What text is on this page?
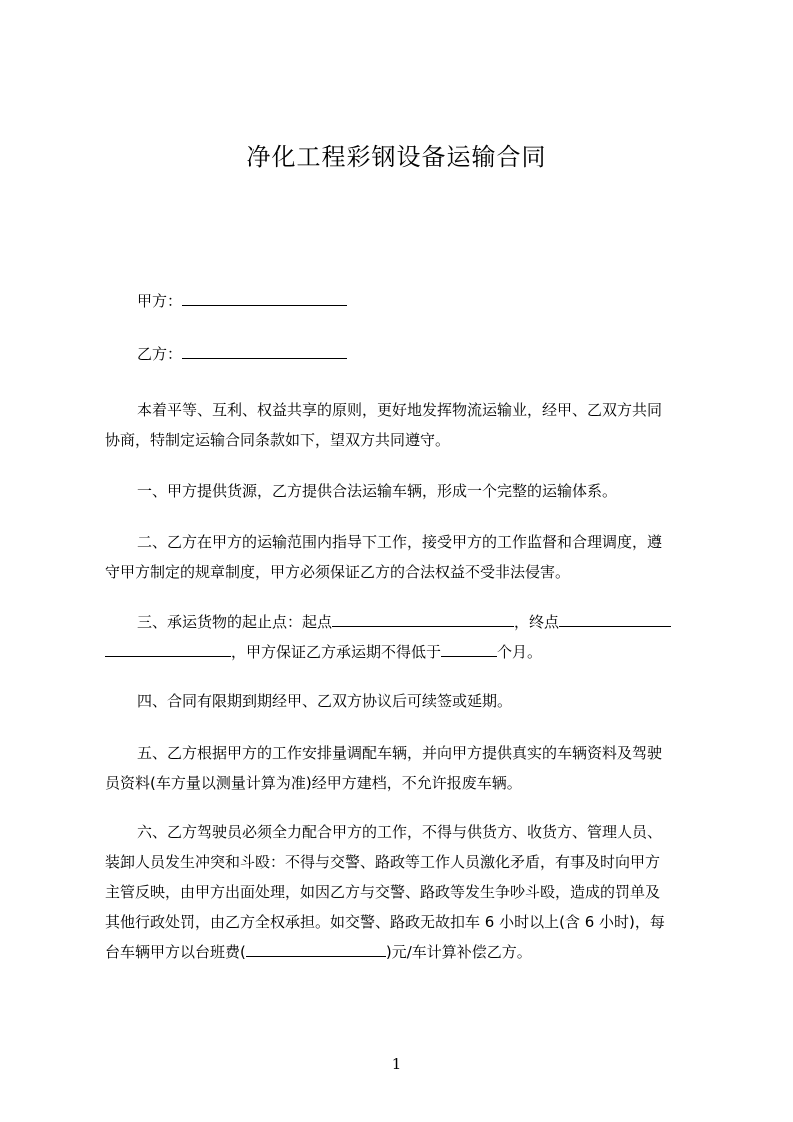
净化工程彩钢设备运输合同
甲方：
乙方：
本着平等、互利、权益共享的原则，更好地发挥物流运输业，经甲、乙双方共同
协商，特制定运输合同条款如下，望双方共同遵守。
一、甲方提供货源，乙方提供合法运输车辆，形成一个完整的运输体系。
二、乙方在甲方的运输范围内指导下工作，接受甲方的工作监督和合理调度，遵
守甲方制定的规章制度，甲方必须保证乙方的合法权益不受非法侵害。
三、承运货物的起止点：起点	，终点
，甲方保证乙方承运期不得低于	个月。
四、合同有限期到期经甲、乙双方协议后可续签或延期。
五、乙方根据甲方的工作安排量调配车辆，并向甲方提供真实的车辆资料及驾驶
员资料(车方量以测量计算为准)经甲方建档，不允许报废车辆。
六、乙方驾驶员必须全力配合甲方的工作，不得与供货方、收货方、管理人员、
装卸人员发生冲突和斗殴：不得与交警、路政等工作人员激化矛盾，有事及时向甲方
主管反映，由甲方出面处理，如因乙方与交警、路政等发生争吵斗殴，造成的罚单及
其他行政处罚，由乙方全权承担。如交警、路政无故扣车 6 小时以上(含 6 小时)，每
台车辆甲方以台班费(	)元/车计算补偿乙方。
1
